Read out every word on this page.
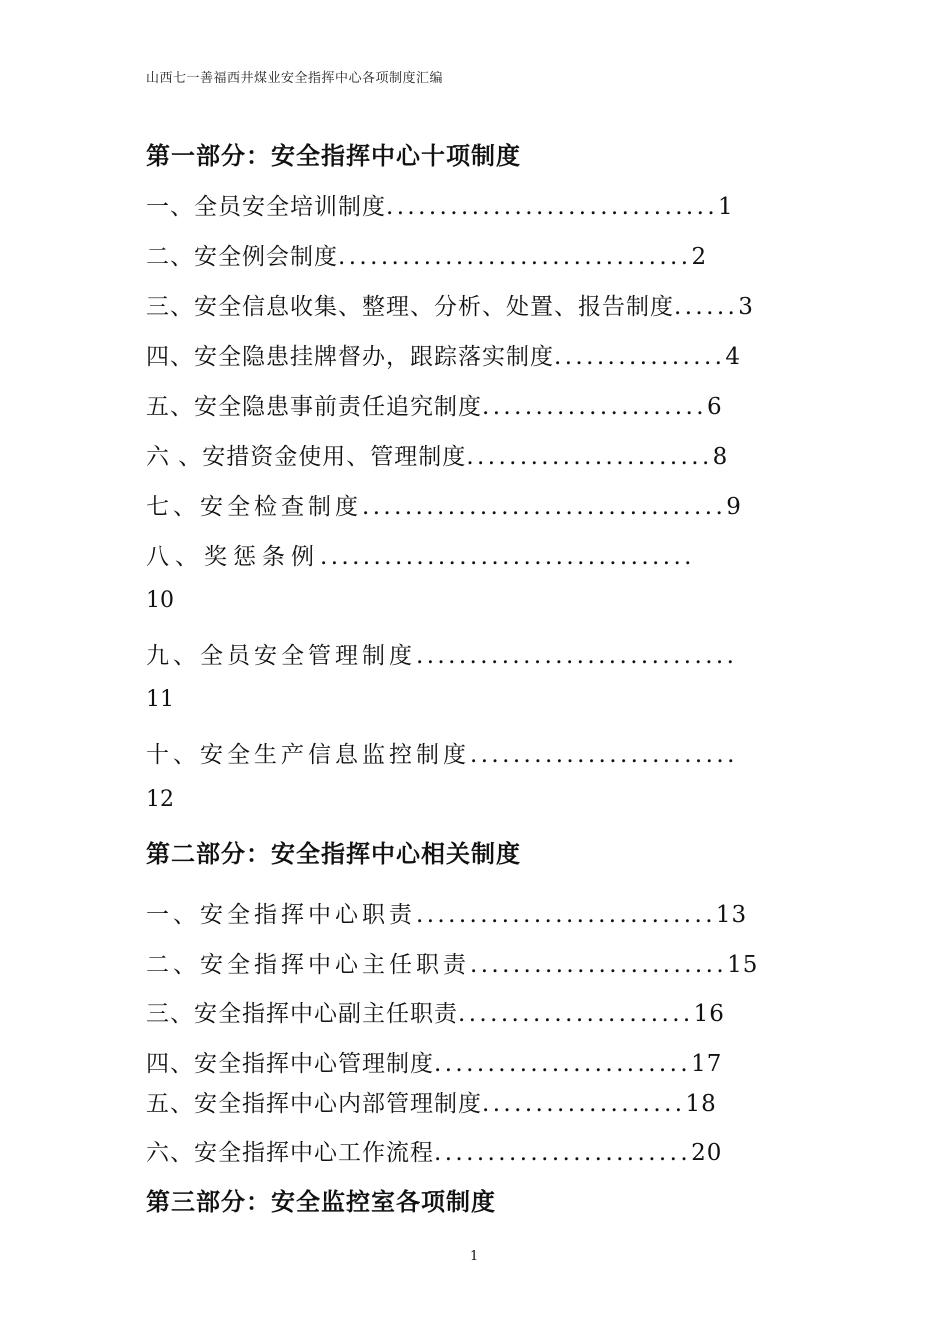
山西七一善福西井煤业安全指挥中心各项制度汇编
第一部分：安全指挥中心十项制度
一、全员安全培训制度...............................1
二、安全例会制度.................................2
三、安全信息收集、整理、分析、处置、报告制度......3
四、安全隐患挂牌督办，跟踪落实制度................4
五、安全隐患事前责任追究制度.....................6
六 、安措资金使用、管理制度.......................8
七、安全检查制度..................................9
八、奖惩条例...................................
10
九、全员安全管理制度..............................
11
十、安全生产信息监控制度.........................
12
第二部分：安全指挥中心相关制度
一、安全指挥中心职责............................13
二、安全指挥中心主任职责........................15
三、安全指挥中心副主任职责......................16
四、安全指挥中心管理制度........................17
五、安全指挥中心内部管理制度...................18
六、安全指挥中心工作流程........................20
第三部分：安全监控室各项制度
1
